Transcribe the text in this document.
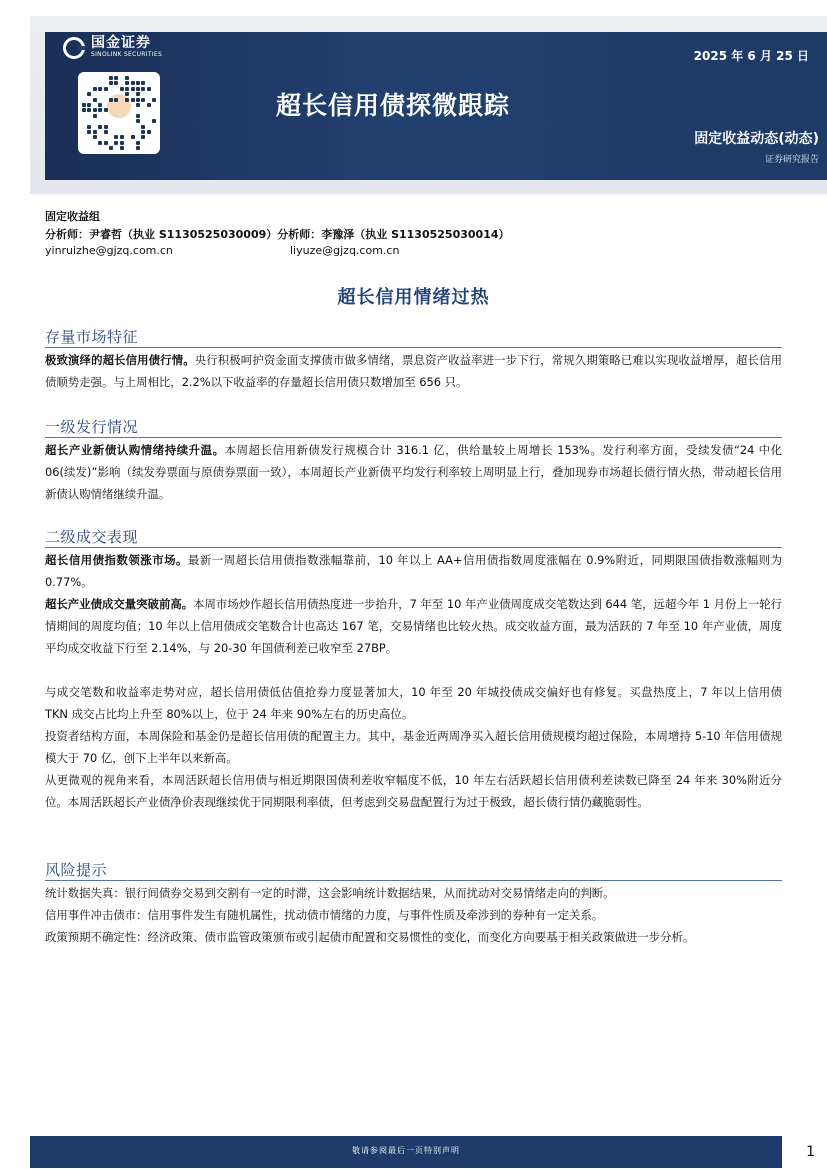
国金证券
SINOLINK SECURITIES	2025 年 6 月 25 日
超长信用债探微跟踪
固定收益动态(动态)
证券研究报告
固定收益组
分析师：尹睿哲（执业 S1130525030009）分析师：李豫泽（执业 S1130525030014）
yinruizhe@gjzq.com.cn	liyuze@gjzq.com.cn
超长信用情绪过热
存量市场特征

极致演绎的超长信用债行情。央行积极呵护资金面支撑债市做多情绪，票息资产收益率进一步下行，常规久期策略已难以实现收益增厚，超长信用债顺势走强。与上周相比，2.2%以下收益率的存量超长信用债只数增加至 656 只。

一级发行情况

超长产业新债认购情绪持续升温。本周超长信用新债发行规模合计 316.1 亿，供给量较上周增长 153%。发行利率方面，受续发债“24 中化 06(续发)”影响（续发券票面与原债券票面一致），本周超长产业新债平均发行利率较上周明显上行，叠加现券市场超长债行情火热，带动超长信用新债认购情绪继续升温。

二级成交表现

超长信用债指数领涨市场。最新一周超长信用债指数涨幅靠前，10 年以上 AA+信用债指数周度涨幅在 0.9%附近，同期限国债指数涨幅则为 0.77%。

超长产业债成交量突破前高。本周市场炒作超长信用债热度进一步抬升，7 年至 10 年产业债周度成交笔数达到 644 笔，远超今年 1 月份上一轮行情期间的周度均值；10 年以上信用债成交笔数合计也高达 167 笔，交易情绪也比较火热。成交收益方面，最为活跃的 7 年至 10 年产业债，周度平均成交收益下行至 2.14%，与 20-30 年国债利差已收窄至 27BP。

与成交笔数和收益率走势对应，超长信用债低估值抢券力度显著加大，10 年至 20 年城投债成交偏好也有修复。买盘热度上，7 年以上信用债 TKN 成交占比均上升至 80%以上，位于 24 年来 90%左右的历史高位。

投资者结构方面，本周保险和基金仍是超长信用债的配置主力。其中，基金近两周净买入超长信用债规模均超过保险，本周增持 5-10 年信用债规模大于 70 亿，创下上半年以来新高。

从更微观的视角来看，本周活跃超长信用债与相近期限国债利差收窄幅度不低，10 年左右活跃超长信用债利差读数已降至 24 年来 30%附近分位。本周活跃超长产业债净价表现继续优于同期限利率债，但考虑到交易盘配置行为过于极致，超长债行情仍藏脆弱性。

风险提示

统计数据失真：银行间债券交易到交割有一定的时滞，这会影响统计数据结果，从而扰动对交易情绪走向的判断。

信用事件冲击债市：信用事件发生有随机属性，扰动债市情绪的力度，与事件性质及牵涉到的券种有一定关系。

政策预期不确定性：经济政策、债市监管政策颁布或引起债市配置和交易惯性的变化，而变化方向要基于相关政策做进一步分析。

敬请参阅最后一页特别声明	1
